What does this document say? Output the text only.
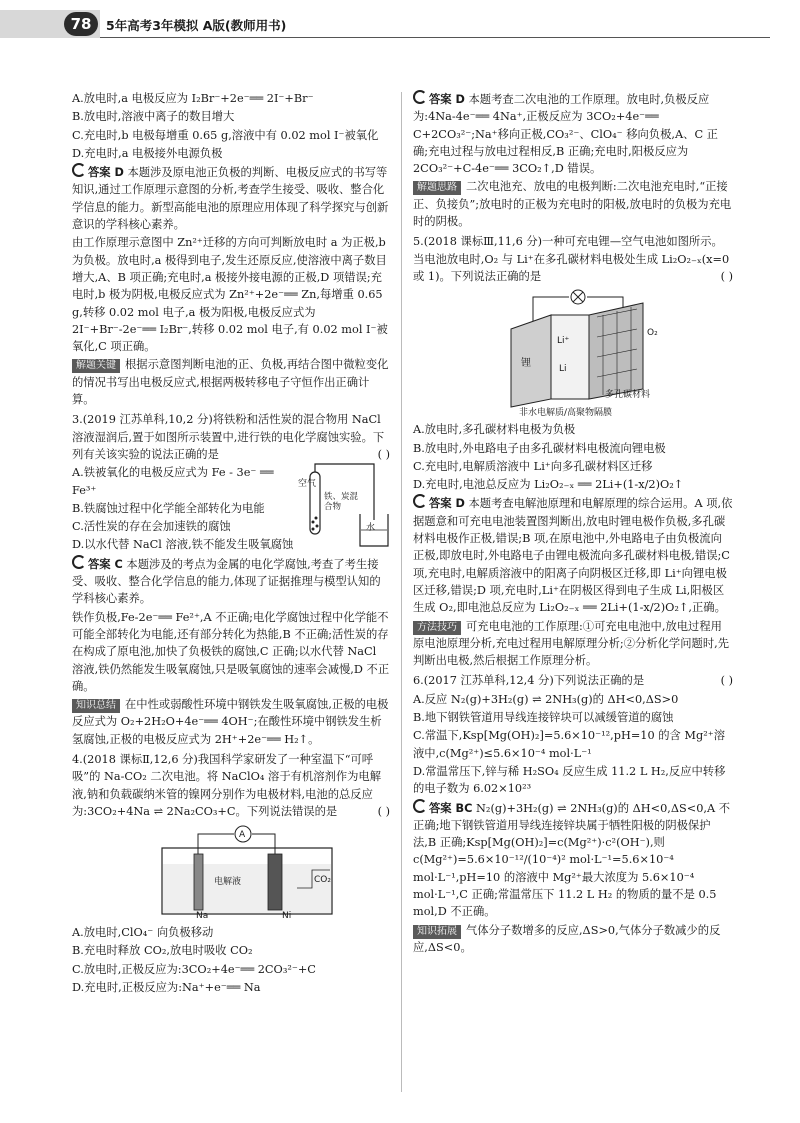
78	5年高考3年模拟 A版(教师用书)

A.放电时,a 电极反应为 I₂Br⁻+2e⁻══ 2I⁻+Br⁻

B.放电时,溶液中离子的数目增大

C.充电时,b 电极每增重 0.65 g,溶液中有 0.02 mol I⁻被氧化

D.充电时,a 电极接外电源负极

答案 D 本题涉及原电池正负极的判断、电极反应式的书写等知识,通过工作原理示意图的分析,考查学生接受、吸收、整合化学信息的能力。新型高能电池的原理应用体现了科学探究与创新意识的学科核心素养。

由工作原理示意图中 Zn²⁺迁移的方向可判断放电时 a 为正极,b 为负极。放电时,a 极得到电子,发生还原反应,使溶液中离子数目增大,A、B 项正确;充电时,a 极接外接电源的正极,D 项错误;充电时,b 极为阴极,电极反应式为 Zn²⁺+2e⁻══ Zn,每增重 0.65 g,转移 0.02 mol 电子,a 极为阳极,电极反应式为 2I⁻+Br⁻-2e⁻══ I₂Br⁻,转移 0.02 mol 电子,有 0.02 mol I⁻被氧化,C 项正确。

解题关键 根据示意图判断电池的正、负极,再结合图中微粒变化的情况书写出电极反应式,根据两极转移电子守恒作出正确计算。

3.(2019 江苏单科,10,2 分)将铁粉和活性炭的混合物用 NaCl 溶液湿润后,置于如图所示装置中,进行铁的电化学腐蚀实验。下列有关该实验的说法正确的是	( )

A.铁被氧化的电极反应式为 Fe - 3e⁻ ══ Fe³⁺

B.铁腐蚀过程中化学能全部转化为电能

C.活性炭的存在会加速铁的腐蚀

D.以水代替 NaCl 溶液,铁不能发生吸氧腐蚀

空气
铁、炭混合物
水

答案 C 本题涉及的考点为金属的电化学腐蚀,考查了考生接受、吸收、整合化学信息的能力,体现了证据推理与模型认知的学科核心素养。

铁作负极,Fe-2e⁻══ Fe²⁺,A 不正确;电化学腐蚀过程中化学能不可能全部转化为电能,还有部分转化为热能,B 不正确;活性炭的存在构成了原电池,加快了负极铁的腐蚀,C 正确;以水代替 NaCl 溶液,铁仍然能发生吸氧腐蚀,只是吸氧腐蚀的速率会减慢,D 不正确。

知识总结 在中性或弱酸性环境中钢铁发生吸氧腐蚀,正极的电极反应式为 O₂+2H₂O+4e⁻══ 4OH⁻;在酸性环境中钢铁发生析氢腐蚀,正极的电极反应式为 2H⁺+2e⁻══ H₂↑。

4.(2018 课标Ⅱ,12,6 分)我国科学家研发了一种室温下“可呼吸”的 Na-CO₂ 二次电池。将 NaClO₄ 溶于有机溶剂作为电解液,钠和负载碳纳米管的镍网分别作为电极材料,电池的总反应为:3CO₂+4Na ⇌ 2Na₂CO₃+C。下列说法错误的是	( )

A
电解液	CO₂
Na	Ni

A.放电时,ClO₄⁻ 向负极移动

B.充电时释放 CO₂,放电时吸收 CO₂

C.放电时,正极反应为:3CO₂+4e⁻══ 2CO₃²⁻+C

D.充电时,正极反应为:Na⁺+e⁻══ Na

答案 D 本题考查二次电池的工作原理。放电时,负极反应为:4Na-4e⁻══ 4Na⁺,正极反应为 3CO₂+4e⁻══ C+2CO₃²⁻;Na⁺移向正极,CO₃²⁻、ClO₄⁻ 移向负极,A、C 正确;充电过程与放电过程相反,B 正确;充电时,阳极反应为 2CO₃²⁻+C-4e⁻══ 3CO₂↑,D 错误。

解题思路 二次电池充、放电的电极判断:二次电池充电时,“正接正、负接负”;放电时的正极为充电时的阳极,放电时的负极为充电时的阴极。

5.(2018 课标Ⅲ,11,6 分)一种可充电锂—空气电池如图所示。当电池放电时,O₂ 与 Li⁺在多孔碳材料电极处生成 Li₂O₂₋ₓ(x=0 或 1)。下列说法正确的是	( )

锂
Li⁺
Li
O₂
多孔碳材料
非水电解质/高聚物隔膜

A.放电时,多孔碳材料电极为负极

B.放电时,外电路电子由多孔碳材料电极流向锂电极

C.充电时,电解质溶液中 Li⁺向多孔碳材料区迁移

D.充电时,电池总反应为 Li₂O₂₋ₓ ══ 2Li+(1-x/2)O₂↑

答案 D 本题考查电解池原理和电解原理的综合运用。A 项,依据题意和可充电电池装置图判断出,放电时锂电极作负极,多孔碳材料电极作正极,错误;B 项,在原电池中,外电路电子由负极流向正极,即放电时,外电路电子由锂电极流向多孔碳材料电极,错误;C 项,充电时,电解质溶液中的阳离子向阴极区迁移,即 Li⁺向锂电极区迁移,错误;D 项,充电时,Li⁺在阴极区得到电子生成 Li,阳极区生成 O₂,即电池总反应为 Li₂O₂₋ₓ ══ 2Li+(1-x/2)O₂↑,正确。

方法技巧 可充电电池的工作原理:①可充电电池中,放电过程用原电池原理分析,充电过程用电解原理分析;②分析化学问题时,先判断出电极,然后根据工作原理分析。

6.(2017 江苏单科,12,4 分)下列说法正确的是	( )

A.反应 N₂(g)+3H₂(g) ⇌ 2NH₃(g)的 ΔH<0,ΔS>0

B.地下钢铁管道用导线连接锌块可以减缓管道的腐蚀

C.常温下,Ksp[Mg(OH)₂]=5.6×10⁻¹²,pH=10 的含 Mg²⁺溶液中,c(Mg²⁺)≤5.6×10⁻⁴ mol·L⁻¹

D.常温常压下,锌与稀 H₂SO₄ 反应生成 11.2 L H₂,反应中转移的电子数为 6.02×10²³

答案 BC N₂(g)+3H₂(g) ⇌ 2NH₃(g)的 ΔH<0,ΔS<0,A 不正确;地下钢铁管道用导线连接锌块属于牺牲阳极的阴极保护法,B 正确;Ksp[Mg(OH)₂]=c(Mg²⁺)·c²(OH⁻),则 c(Mg²⁺)=5.6×10⁻¹²/(10⁻⁴)² mol·L⁻¹=5.6×10⁻⁴ mol·L⁻¹,pH=10 的溶液中 Mg²⁺最大浓度为 5.6×10⁻⁴ mol·L⁻¹,C 正确;常温常压下 11.2 L H₂ 的物质的量不是 0.5 mol,D 不正确。

知识拓展 气体分子数增多的反应,ΔS>0,气体分子数减少的反应,ΔS<0。
